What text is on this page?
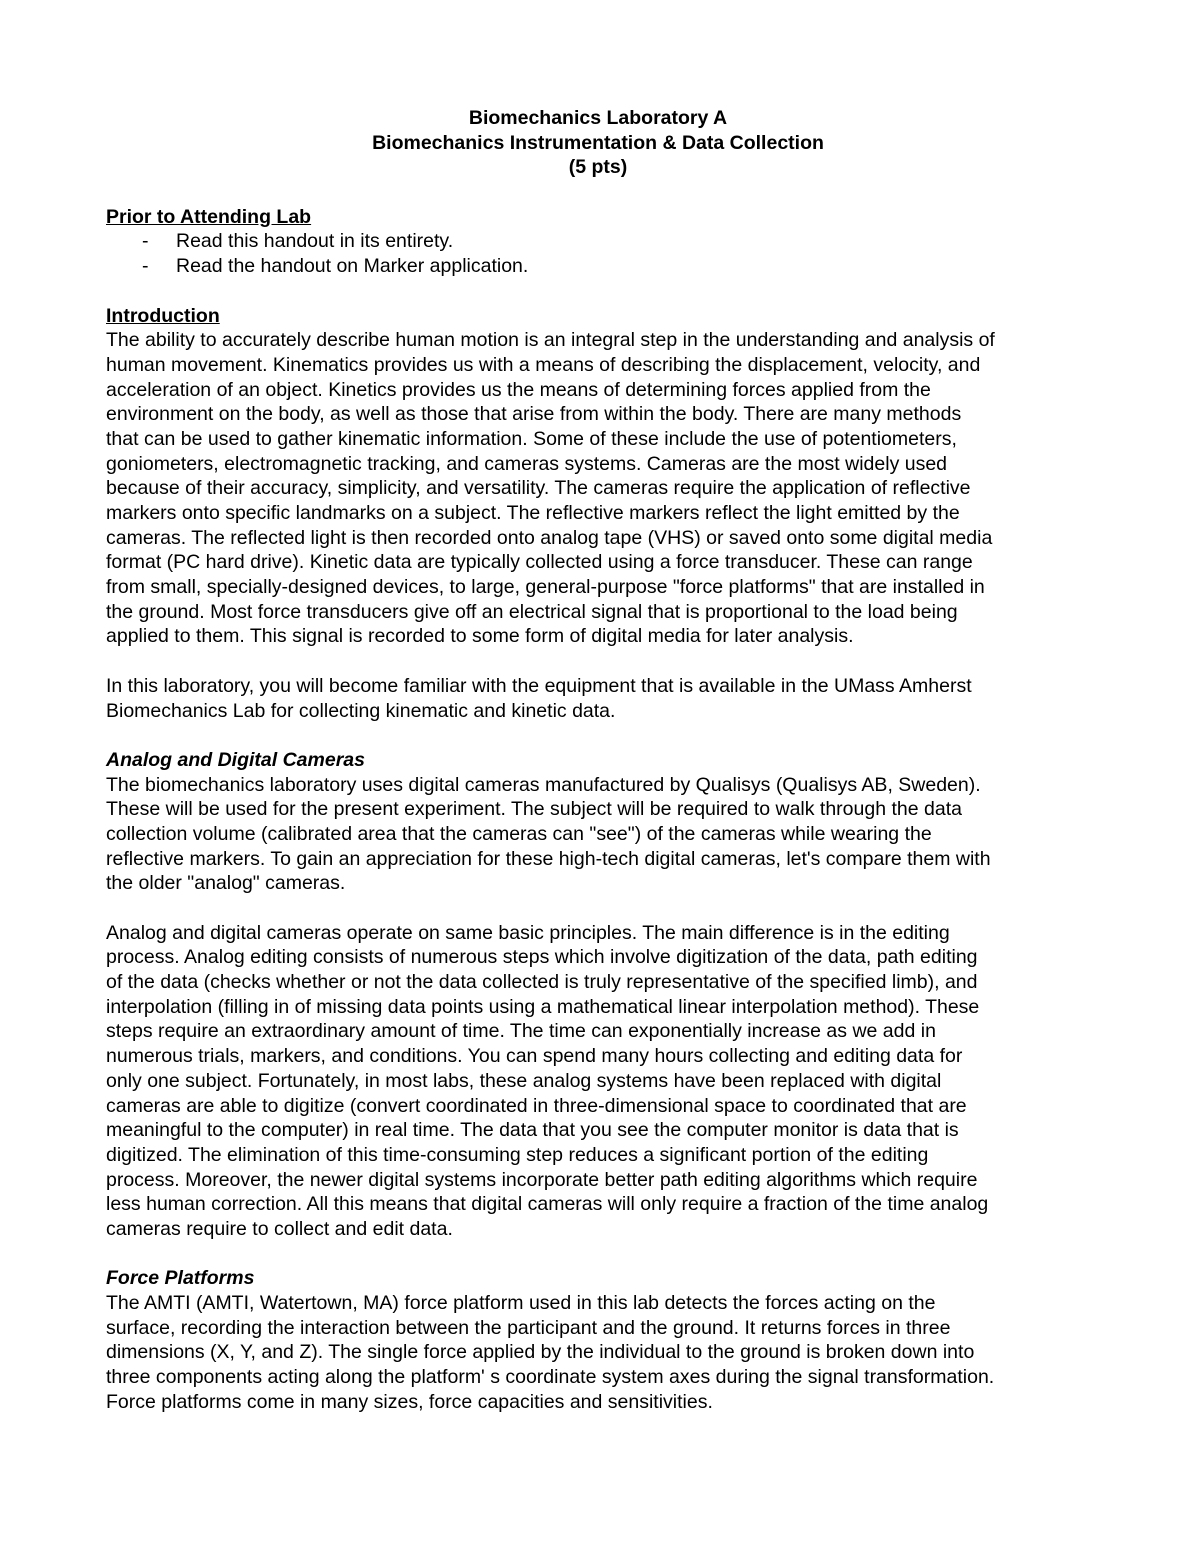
Biomechanics Laboratory A
Biomechanics Instrumentation & Data Collection
(5 pts)
Prior to Attending Lab
- Read this handout in its entirety.
- Read the handout on Marker application.
Introduction
The ability to accurately describe human motion is an integral step in the understanding and analysis of
human movement. Kinematics provides us with a means of describing the displacement, velocity, and
acceleration of an object. Kinetics provides us the means of determining forces applied from the
environment on the body, as well as those that arise from within the body. There are many methods
that can be used to gather kinematic information. Some of these include the use of potentiometers,
goniometers, electromagnetic tracking, and cameras systems. Cameras are the most widely used
because of their accuracy, simplicity, and versatility. The cameras require the application of reflective
markers onto specific landmarks on a subject. The reflective markers reflect the light emitted by the
cameras. The reflected light is then recorded onto analog tape (VHS) or saved onto some digital media
format (PC hard drive). Kinetic data are typically collected using a force transducer. These can range
from small, specially-designed devices, to large, general-purpose "force platforms" that are installed in
the ground. Most force transducers give off an electrical signal that is proportional to the load being
applied to them. This signal is recorded to some form of digital media for later analysis.
In this laboratory, you will become familiar with the equipment that is available in the UMass Amherst
Biomechanics Lab for collecting kinematic and kinetic data.
Analog and Digital Cameras
The biomechanics laboratory uses digital cameras manufactured by Qualisys (Qualisys AB, Sweden).
These will be used for the present experiment. The subject will be required to walk through the data
collection volume (calibrated area that the cameras can "see") of the cameras while wearing the
reflective markers. To gain an appreciation for these high-tech digital cameras, let's compare them with
the older "analog" cameras.
Analog and digital cameras operate on same basic principles. The main difference is in the editing
process. Analog editing consists of numerous steps which involve digitization of the data, path editing
of the data (checks whether or not the data collected is truly representative of the specified limb), and
interpolation (filling in of missing data points using a mathematical linear interpolation method). These
steps require an extraordinary amount of time. The time can exponentially increase as we add in
numerous trials, markers, and conditions. You can spend many hours collecting and editing data for
only one subject. Fortunately, in most labs, these analog systems have been replaced with digital
cameras are able to digitize (convert coordinated in three-dimensional space to coordinated that are
meaningful to the computer) in real time. The data that you see the computer monitor is data that is
digitized. The elimination of this time-consuming step reduces a significant portion of the editing
process. Moreover, the newer digital systems incorporate better path editing algorithms which require
less human correction. All this means that digital cameras will only require a fraction of the time analog
cameras require to collect and edit data.
Force Platforms
The AMTI (AMTI, Watertown, MA) force platform used in this lab detects the forces acting on the
surface, recording the interaction between the participant and the ground. It returns forces in three
dimensions (X, Y, and Z). The single force applied by the individual to the ground is broken down into
three components acting along the platform' s coordinate system axes during the signal transformation.
Force platforms come in many sizes, force capacities and sensitivities.
